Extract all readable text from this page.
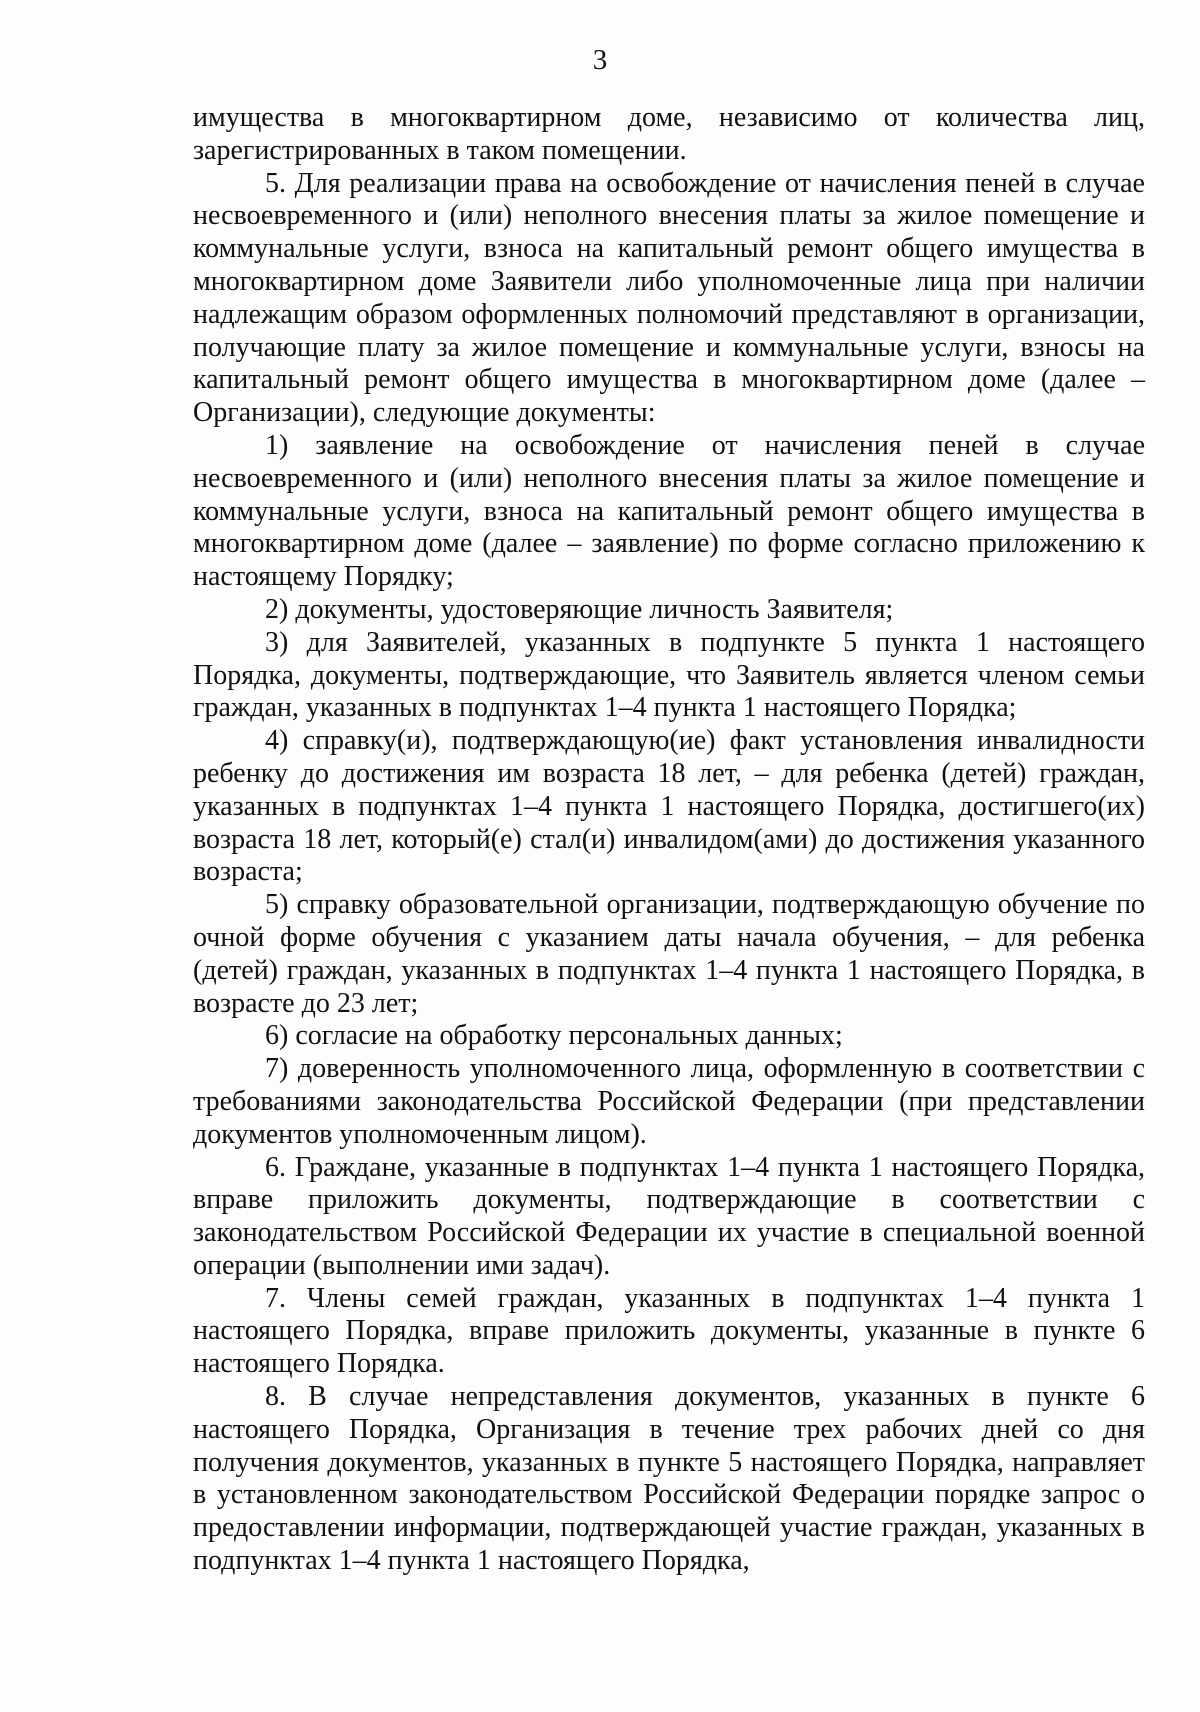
3

имущества в многоквартирном доме, независимо от количества лиц, зарегистрированных в таком помещении.

5. Для реализации права на освобождение от начисления пеней в случае несвоевременного и (или) неполного внесения платы за жилое помещение и коммунальные услуги, взноса на капитальный ремонт общего имущества в многоквартирном доме Заявители либо уполномоченные лица при наличии надлежащим образом оформленных полномочий представляют в организации, получающие плату за жилое помещение и коммунальные услуги, взносы на капитальный ремонт общего имущества в многоквартирном доме (далее – Организации), следующие документы:

1) заявление на освобождение от начисления пеней в случае несвоевременного и (или) неполного внесения платы за жилое помещение и коммунальные услуги, взноса на капитальный ремонт общего имущества в многоквартирном доме (далее – заявление) по форме согласно приложению к настоящему Порядку;

2) документы, удостоверяющие личность Заявителя;

3) для Заявителей, указанных в подпункте 5 пункта 1 настоящего Порядка, документы, подтверждающие, что Заявитель является членом семьи граждан, указанных в подпунктах 1–4 пункта 1 настоящего Порядка;

4) справку(и), подтверждающую(ие) факт установления инвалидности ребенку до достижения им возраста 18 лет, – для ребенка (детей) граждан, указанных в подпунктах 1–4 пункта 1 настоящего Порядка, достигшего(их) возраста 18 лет, который(е) стал(и) инвалидом(ами) до достижения указанного возраста;

5) справку образовательной организации, подтверждающую обучение по очной форме обучения с указанием даты начала обучения, – для ребенка (детей) граждан, указанных в подпунктах 1–4 пункта 1 настоящего Порядка, в возрасте до 23 лет;

6) согласие на обработку персональных данных;

7) доверенность уполномоченного лица, оформленную в соответствии с требованиями законодательства Российской Федерации (при представлении документов уполномоченным лицом).

6. Граждане, указанные в подпунктах 1–4 пункта 1 настоящего Порядка, вправе приложить документы, подтверждающие в соответствии с законодательством Российской Федерации их участие в специальной военной операции (выполнении ими задач).

7. Члены семей граждан, указанных в подпунктах 1–4 пункта 1 настоящего Порядка, вправе приложить документы, указанные в пункте 6 настоящего Порядка.

8. В случае непредставления документов, указанных в пункте 6 настоящего Порядка, Организация в течение трех рабочих дней со дня получения документов, указанных в пункте 5 настоящего Порядка, направляет в установленном законодательством Российской Федерации порядке запрос о предоставлении информации, подтверждающей участие граждан, указанных в подпунктах 1–4 пункта 1 настоящего Порядка,
